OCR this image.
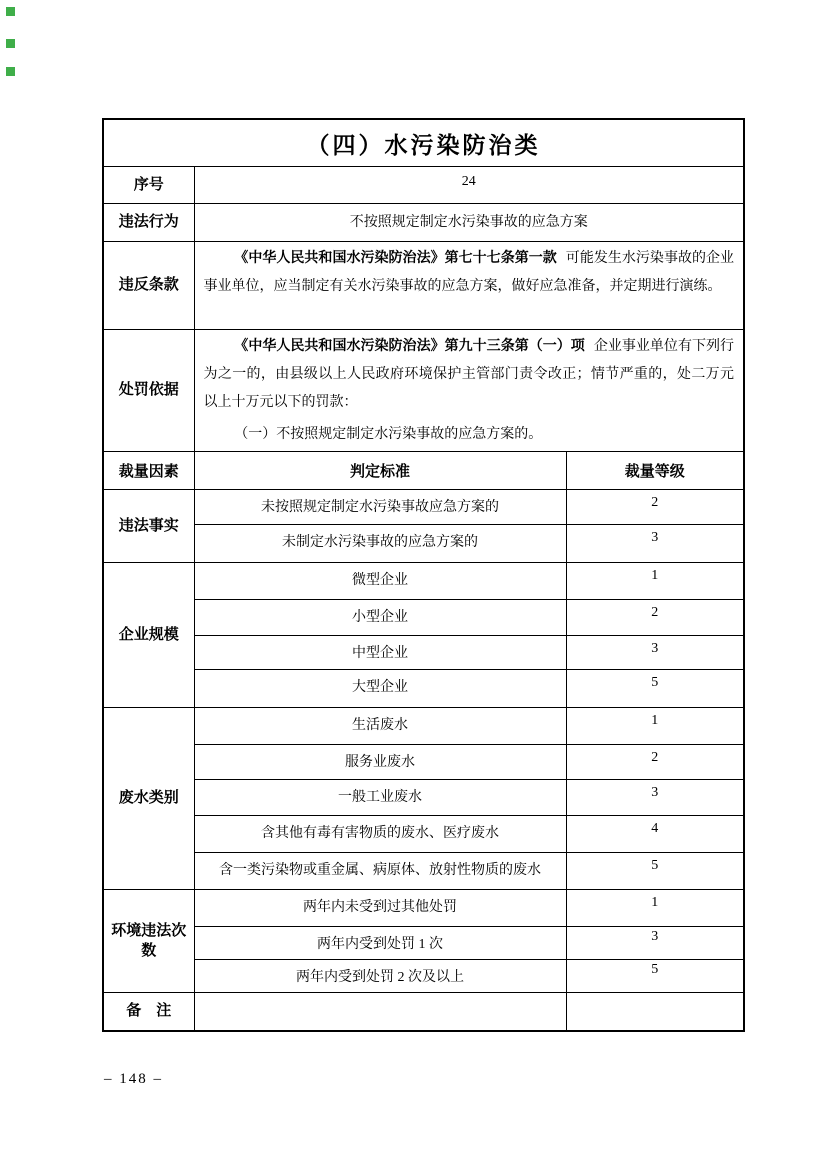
（四）水污染防治类		
序号	24	
违法行为	不按照规定制定水污染事故的应急方案	
违反条款	《中华人民共和国水污染防治法》第七十七条第一款 可能发生水污染事故的企业事业单位，应当制定有关水污染事故的应急方案，做好应急准备，并定期进行演练。	

处罚依据	《中华人民共和国水污染防治法》第九十三条第（一）项 企业事业单位有下列行为之一的，由县级以上人民政府环境保护主管部门责令改正；情节严重的，处二万元以上十万元以下的罚款：

（一）不按照规定制定水污染事故的应急方案的。	

裁量因素	判定标准	裁量等级
违法事实	未按照规定制定水污染事故应急方案的	2
	未制定水污染事故的应急方案的	3
企业规模	微型企业	1
	小型企业	2
	中型企业	3
	大型企业	5
废水类别	生活废水	1
	服务业废水	2
	一般工业废水	3
	含其他有毒有害物质的废水、医疗废水	4
	含一类污染物或重金属、病原体、放射性物质的废水	5
环境违法次数	两年内未受到过其他处罚	1
	两年内受到处罚 1 次	3
	两年内受到处罚 2 次及以上	5
备　注		
– 148 –
